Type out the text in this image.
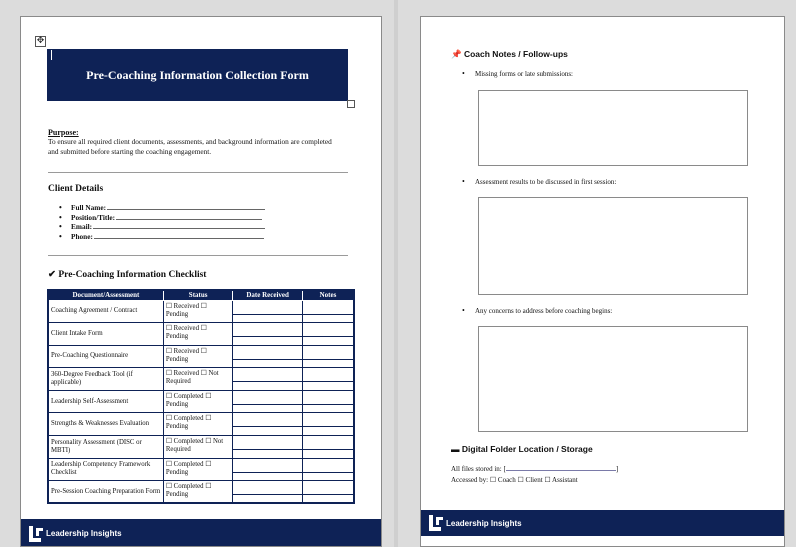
✥
Pre-Coaching Information Collection Form
Purpose:
To ensure all required client documents, assessments, and background information are completed and submitted before starting the coaching engagement.
Client Details
• Full Name:
• Position/Title:
• Email:
• Phone:
✔ Pre-Coaching Information Checklist
Document/Assessment	Status	Date Received	Notes
Coaching Agreement / Contract	☐ Received ☐ Pending	

Client Intake Form	☐ Received ☐ Pending	

Pre-Coaching Questionnaire	☐ Received ☐ Pending	

360-Degree Feedback Tool (if applicable)	☐ Received ☐ Not Required	

Leadership Self-Assessment	☐ Completed ☐ Pending	

Strengths & Weaknesses Evaluation	☐ Completed ☐ Pending	

Personality Assessment (DISC or MBTI)	☐ Completed ☐ Not Required	

Leadership Competency Framework Checklist	☐ Completed ☐ Pending	

Pre-Session Coaching Preparation Form	☐ Completed ☐ Pending	

Leadership Insights
📌 Coach Notes / Follow-ups
• Missing forms or late submissions:
• Assessment results to be discussed in first session:
• Any concerns to address before coaching begins:
▬ Digital Folder Location / Storage
All files stored in: [	]
Accessed by: ☐ Coach ☐ Client ☐ Assistant
Leadership Insights
